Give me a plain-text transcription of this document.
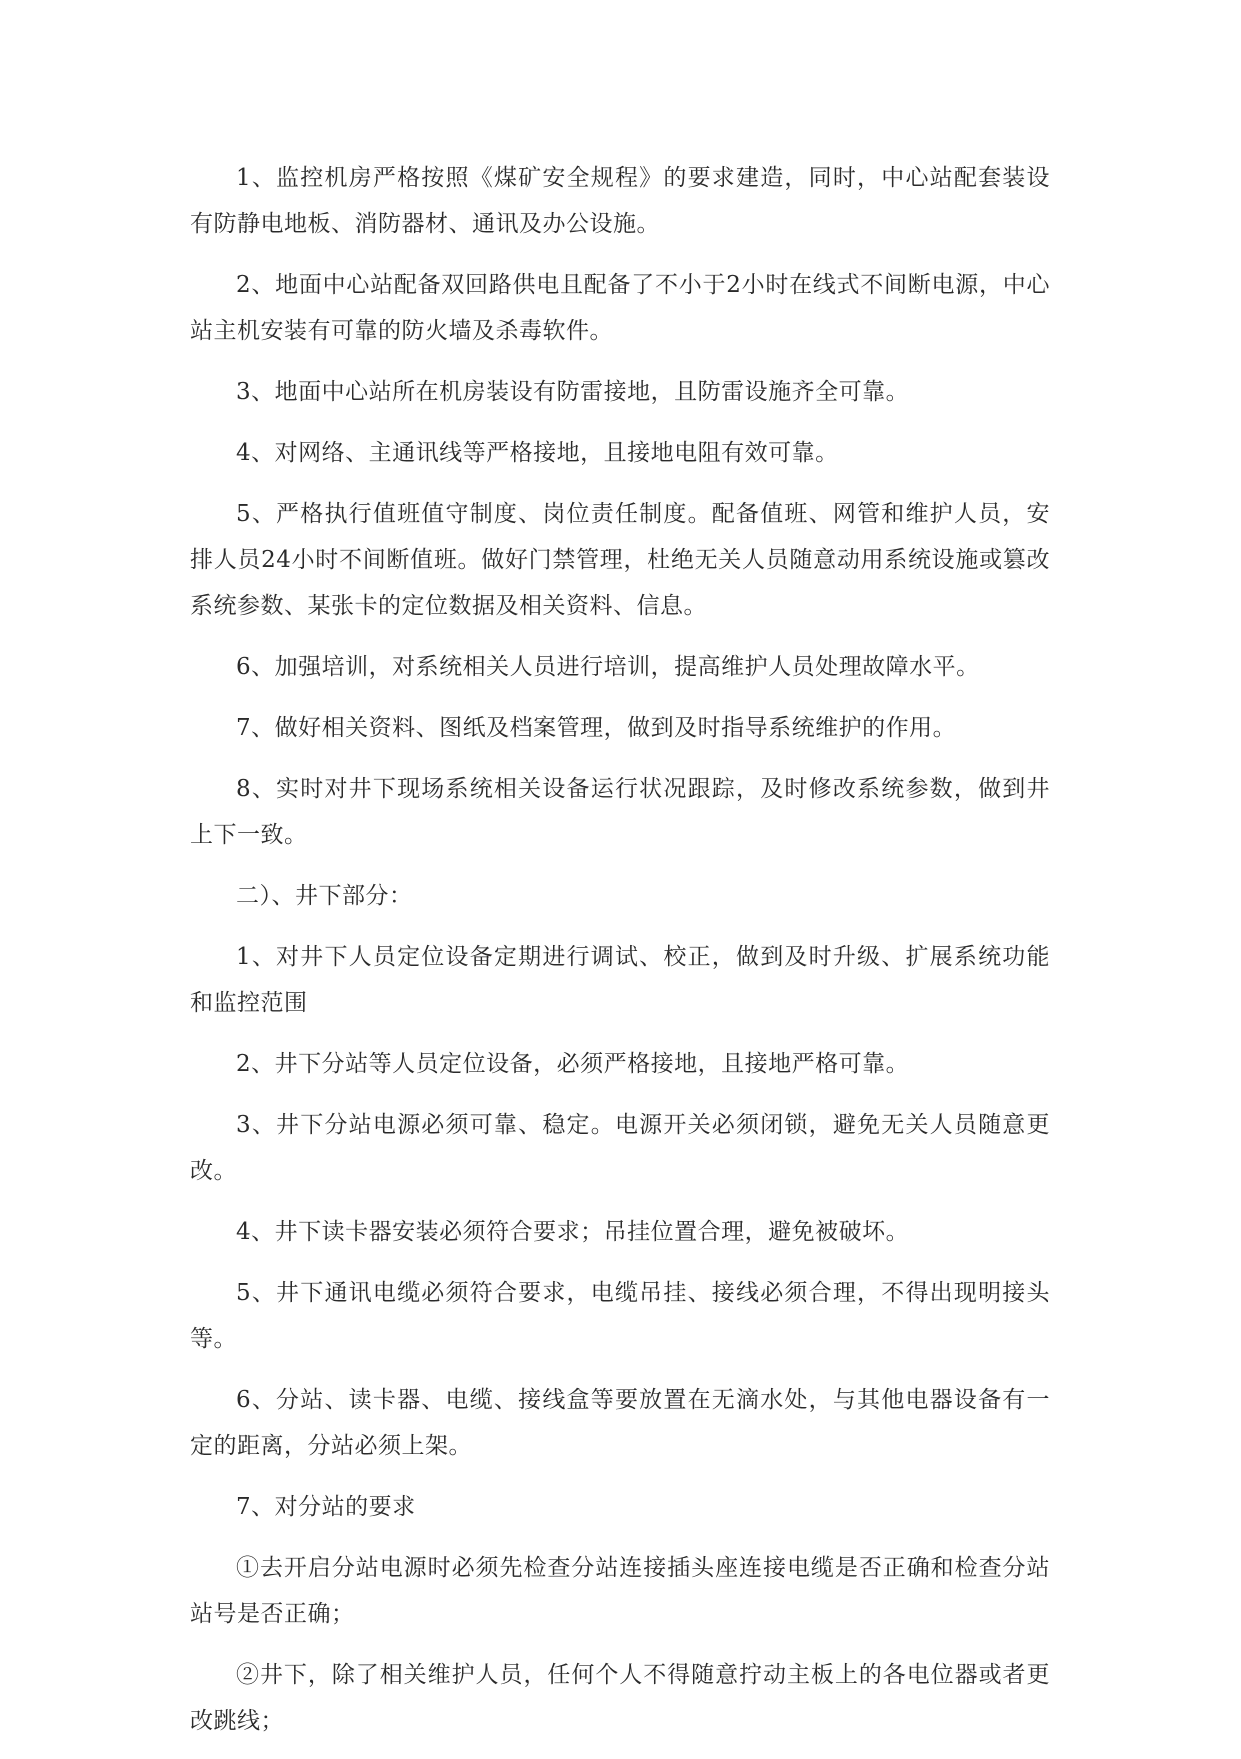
1、监控机房严格按照《煤矿安全规程》的要求建造，同时，中心站配套装设有防静电地板、消防器材、通讯及办公设施。

2、地面中心站配备双回路供电且配备了不小于2小时在线式不间断电源，中心站主机安装有可靠的防火墙及杀毒软件。

3、地面中心站所在机房装设有防雷接地，且防雷设施齐全可靠。

4、对网络、主通讯线等严格接地，且接地电阻有效可靠。

5、严格执行值班值守制度、岗位责任制度。配备值班、网管和维护人员，安排人员24小时不间断值班。做好门禁管理，杜绝无关人员随意动用系统设施或篡改系统参数、某张卡的定位数据及相关资料、信息。

6、加强培训，对系统相关人员进行培训，提高维护人员处理故障水平。

7、做好相关资料、图纸及档案管理，做到及时指导系统维护的作用。

8、实时对井下现场系统相关设备运行状况跟踪，及时修改系统参数，做到井上下一致。

二）、井下部分：

1、对井下人员定位设备定期进行调试、校正，做到及时升级、扩展系统功能和监控范围

2、井下分站等人员定位设备，必须严格接地，且接地严格可靠。

3、井下分站电源必须可靠、稳定。电源开关必须闭锁，避免无关人员随意更改。

4、井下读卡器安装必须符合要求；吊挂位置合理，避免被破坏。

5、井下通讯电缆必须符合要求，电缆吊挂、接线必须合理，不得出现明接头等。

6、分站、读卡器、电缆、接线盒等要放置在无滴水处，与其他电器设备有一定的距离，分站必须上架。

7、对分站的要求

①去开启分站电源时必须先检查分站连接插头座连接电缆是否正确和检查分站站号是否正确；

②井下，除了相关维护人员，任何个人不得随意拧动主板上的各电位器或者更改跳线；
